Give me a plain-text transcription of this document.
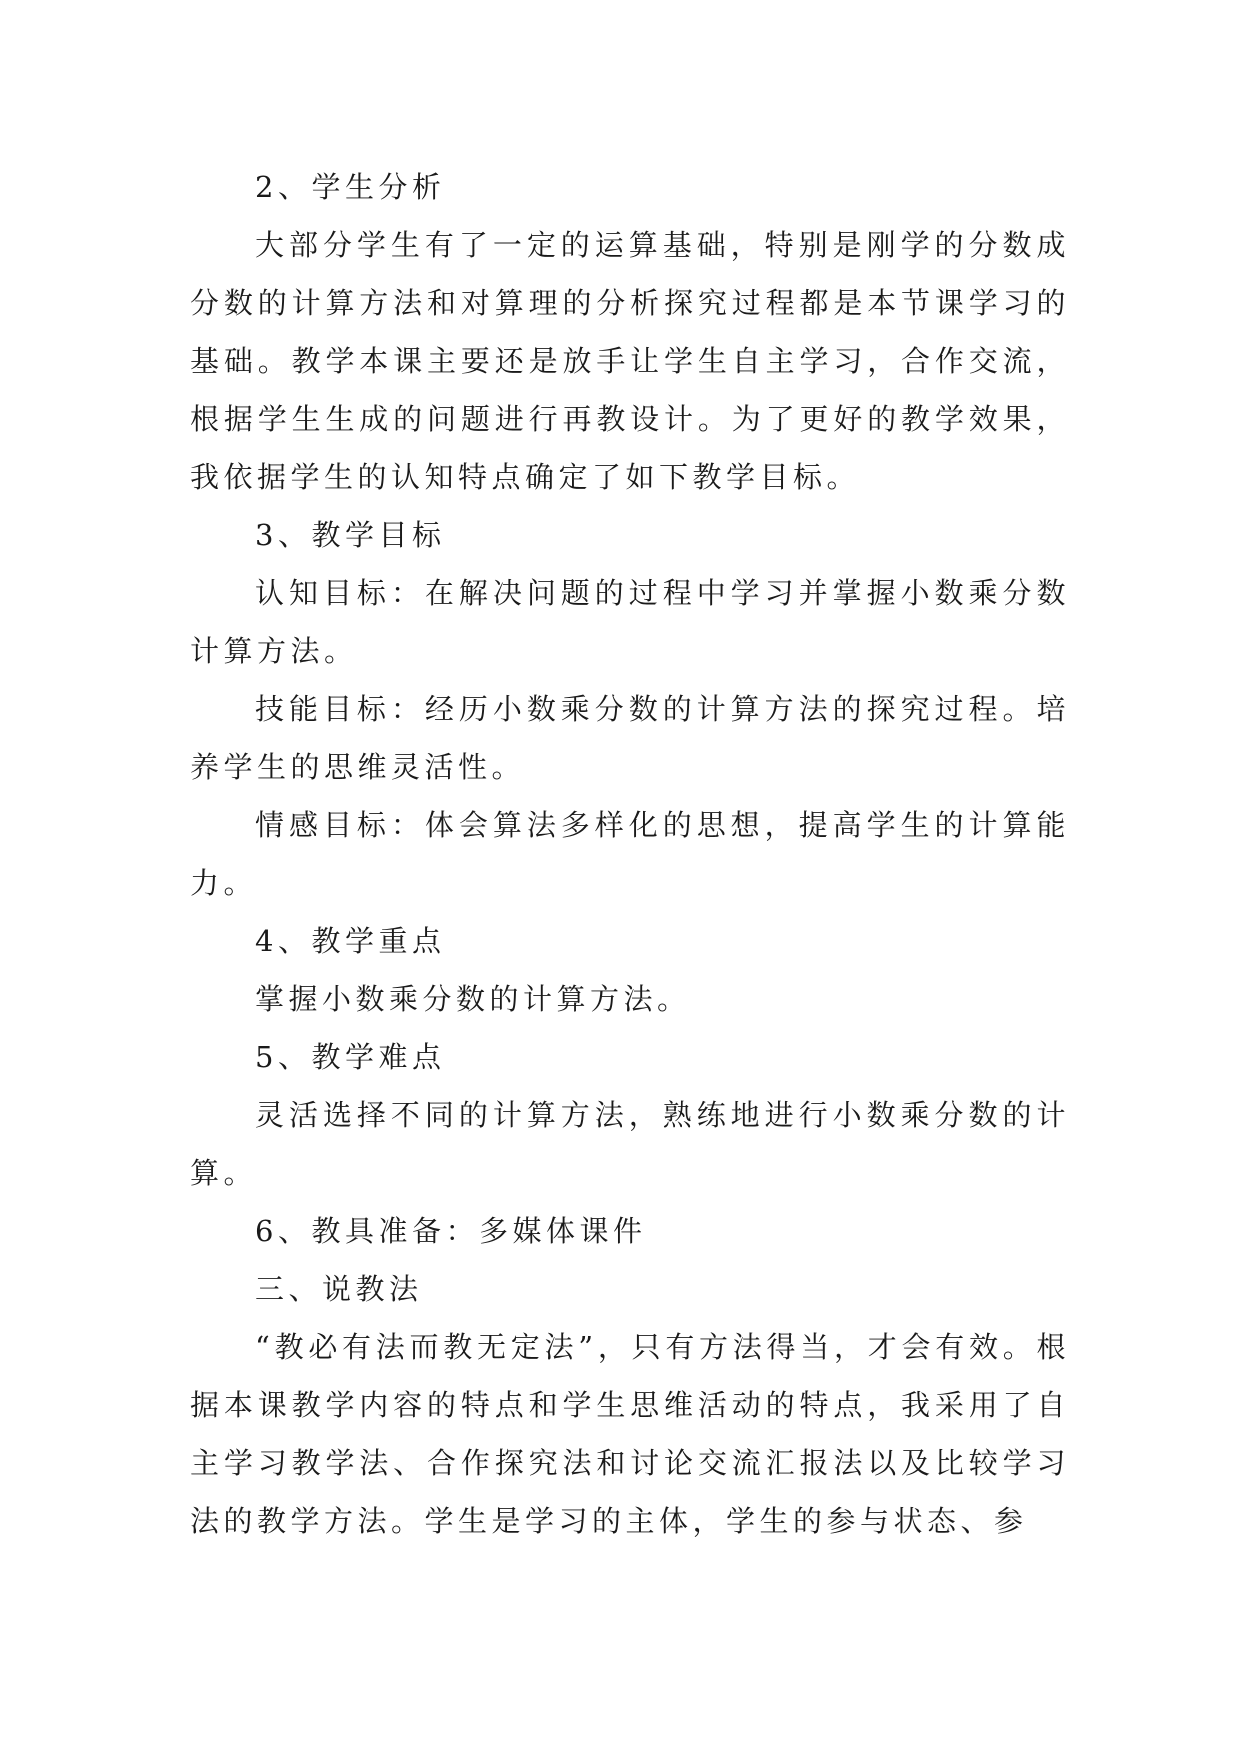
2、学生分析

大部分学生有了一定的运算基础，特别是刚学的分数成分数的计算方法和对算理的分析探究过程都是本节课学习的基础。教学本课主要还是放手让学生自主学习，合作交流，根据学生生成的问题进行再教设计。为了更好的教学效果，我依据学生的认知特点确定了如下教学目标。

3、教学目标

认知目标：在解决问题的过程中学习并掌握小数乘分数计算方法。

技能目标：经历小数乘分数的计算方法的探究过程。培养学生的思维灵活性。

情感目标：体会算法多样化的思想，提高学生的计算能力。

4、教学重点

掌握小数乘分数的计算方法。

5、教学难点

灵活选择不同的计算方法，熟练地进行小数乘分数的计算。

6、教具准备：多媒体课件

三、说教法

“教必有法而教无定法”，只有方法得当，才会有效。根据本课教学内容的特点和学生思维活动的特点，我采用了自主学习教学法、合作探究法和讨论交流汇报法以及比较学习法的教学方法。学生是学习的主体，学生的参与状态、参
